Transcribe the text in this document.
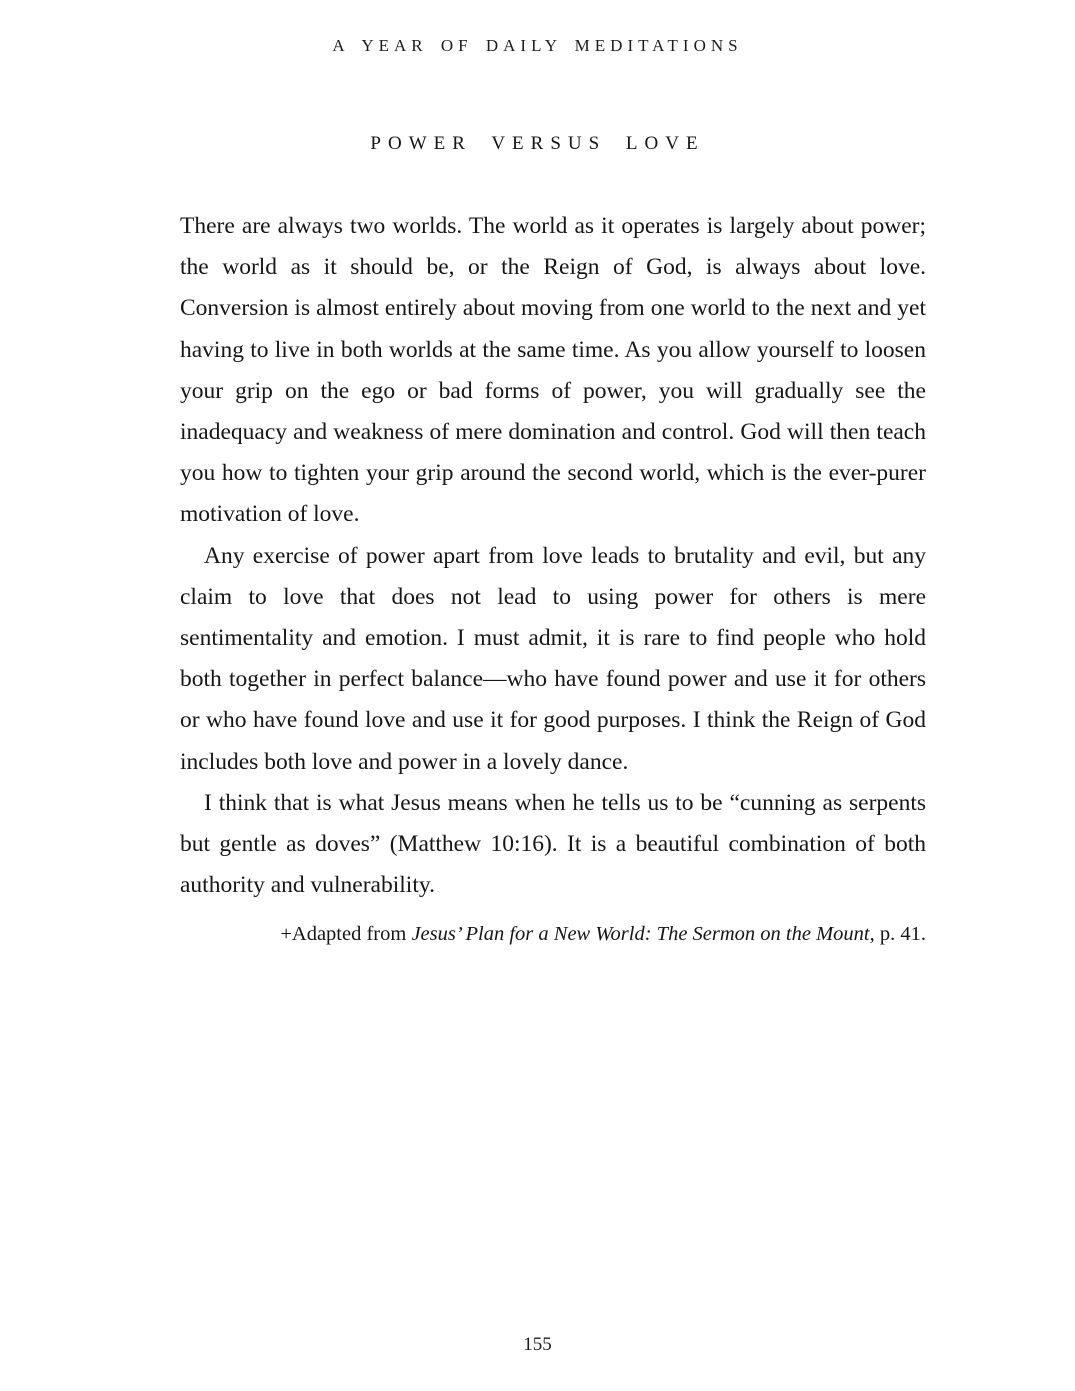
A YEAR OF DAILY MEDITATIONS
POWER VERSUS LOVE

There are always two worlds. The world as it operates is largely about power; the world as it should be, or the Reign of God, is always about love. Conversion is almost entirely about moving from one world to the next and yet having to live in both worlds at the same time. As you allow yourself to loosen your grip on the ego or bad forms of power, you will gradually see the inadequacy and weakness of mere domination and control. God will then teach you how to tighten your grip around the second world, which is the ever-purer motivation of love.

Any exercise of power apart from love leads to brutality and evil, but any claim to love that does not lead to using power for others is mere sentimentality and emotion. I must admit, it is rare to find people who hold both together in perfect balance—who have found power and use it for others or who have found love and use it for good purposes. I think the Reign of God includes both love and power in a lovely dance.

I think that is what Jesus means when he tells us to be “cunning as serpents but gentle as doves” (Matthew 10:16). It is a beautiful combination of both authority and vulnerability.

+Adapted from Jesus’ Plan for a New World: The Sermon on the Mount, p. 41.
155
